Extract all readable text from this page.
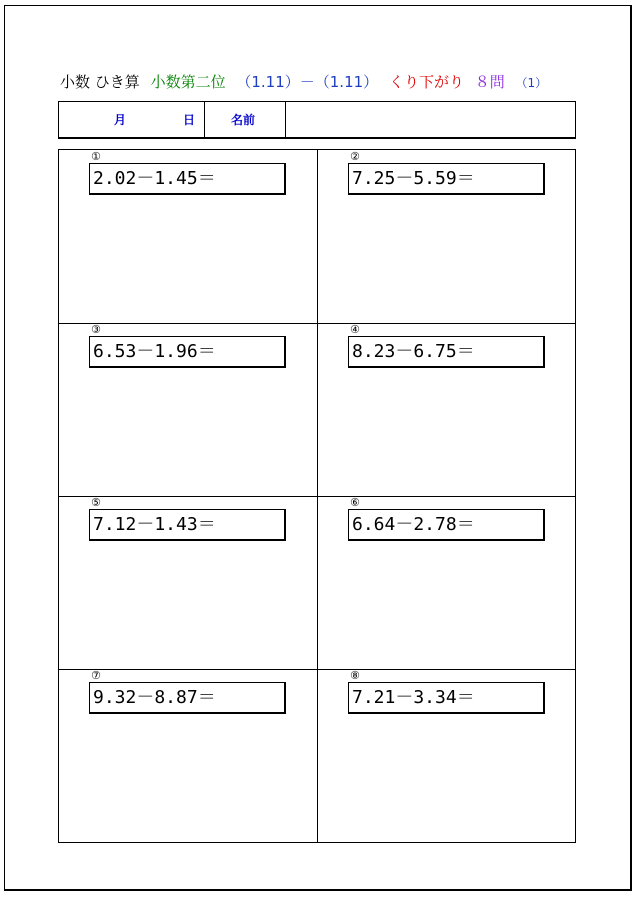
小数 ひき算 小数第二位 （1.11）－（1.11） くり下がり ８問 （1）
月	日	名前
①
2.02－1.45＝
②
7.25－5.59＝
③
6.53－1.96＝
④
8.23－6.75＝
⑤
7.12－1.43＝
⑥
6.64－2.78＝
⑦
9.32－8.87＝
⑧
7.21－3.34＝
